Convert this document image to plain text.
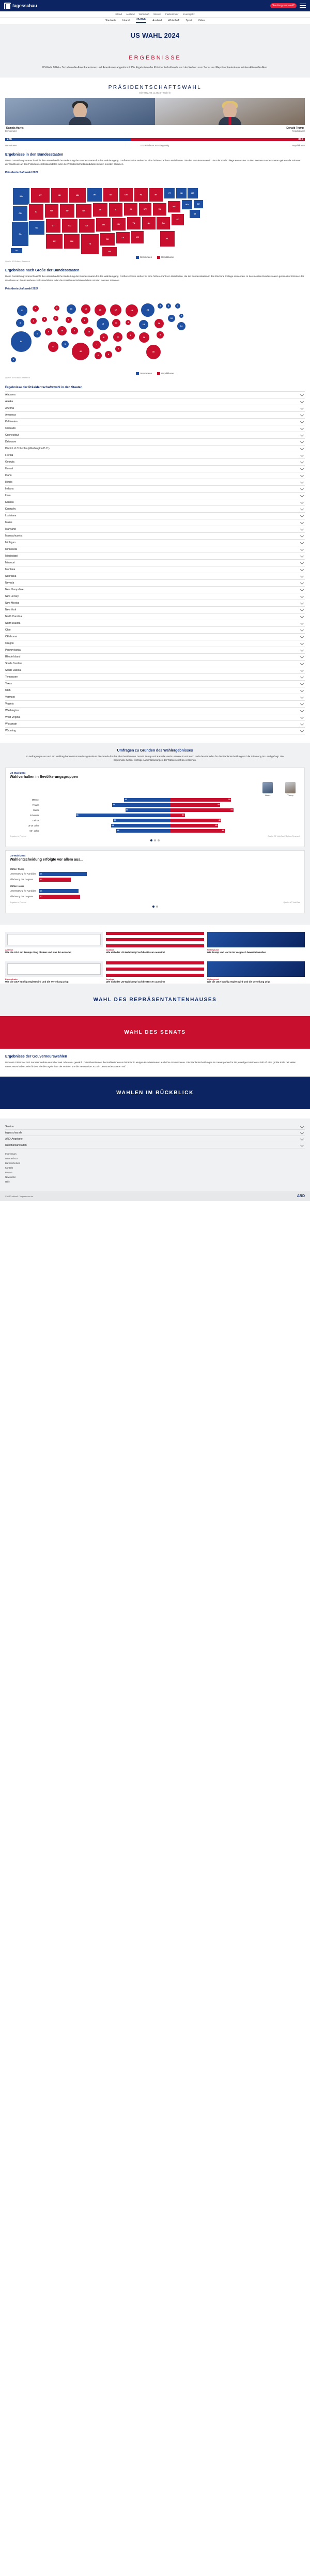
tagesschau	Sendung verpasst?
Inland Ausland Wirtschaft Wissen Faktenfinder Investigativ
Startseite Inland US-Wahl Ausland Wirtschaft Sport Video
US WAHL 2024
ERGEBNISSE
US-Wahl 2024 – So haben die Amerikanerinnen und Amerikaner abgestimmt: Die Ergebnisse der Präsidentschaftswahl und der Wahlen zum Senat und Repräsentantenhaus in interaktiven Grafiken.
PRÄSIDENTSCHAFTSWAHL
Dienstag, 05.11.2024 – Wahl in
Kamala Harris
Demokraten
Donald Trump
Republikaner
226	312
Demokraten	270 Wahlleute zum Sieg nötig	Republikaner
Ergebnisse in den Bundesstaaten

Diese Darstellung veranschaulicht die unterschiedliche Bedeutung der Bundesstaaten für den Wahlausgang. Größere Kreise stehen für eine höhere Zahl von Wahlleuten. Die den Bundesstaaten in das Electoral College entsenden. In den meisten Bundesstaaten gehen alle Stimmen der Wahlleute an den Präsidentschaftskandidaten oder die Präsidentschaftskandidatin mit den meisten Stimmen.

Präsidentschaftswahl 2024
WA
OR
CA
MT
ID
NV
WY
UT
AZ
ND
SD
CO
NM
MN
NE
KS
TX
WI
IA
MO
OK
AR
MI
IL
KY
LA
OH
IN
TN
MS
PA
WV
AL
NY
VA
GA
FL
VT
NC
SC
NH
MD
ME
DE
NJ
HI
Demokraten	Republikaner
Quelle: AP/Edison Research
Ergebnisse nach Größe der Bundesstaaten

Diese Darstellung veranschaulicht die unterschiedliche Bedeutung der Bundesstaaten für den Wahlausgang. Größere Kreise stehen für eine höhere Zahl von Wahlleuten, die die Bundesstaaten in das Electoral College entsenden. In den meisten Bundesstaaten gehen alle Stimmen der Wahlleute an den Präsidentschaftskandidaten oder die Präsidentschaftskandidatin mit den meisten Stimmen.

Präsidentschaftswahl 2024
12
8
54
4
4
6
3
6
11
3
3
10
5
10
5
6
40
10
6
10
7
6
15
19
8
8
17
11
11
6
19
4
9
28
13
16
30
3
16
9
4
10
4
3
14
4
Demokraten	Republikaner
Quelle: AP/Edison Research
Ergebnisse der Präsidentschaftswahl in den Staaten
Alabama
Alaska
Arizona
Arkansas
Kalifornien
Colorado
Connecticut
Delaware
District of Columbia (Washington D.C.)
Florida
Georgia
Hawaii
Idaho
Illinois
Indiana
Iowa
Kansas
Kentucky
Louisiana
Maine
Maryland
Massachusetts
Michigan
Minnesota
Mississippi
Missouri
Montana
Nebraska
Nevada
New Hampshire
New Jersey
New Mexico
New York
North Carolina
North Dakota
Ohio
Oklahoma
Oregon
Pennsylvania
Rhode Island
South Carolina
South Dakota
Tennessee
Texas
Utah
Vermont
Virginia
Washington
West Virginia
Wisconsin
Wyoming
Umfragen zu Gründen des Wahlergebnisses
In Befragungen vor und am Wahltag haben US-Forschungsinstitute die Gründe für das Abschneiden von Donald Trump und Kamala Harris untersucht und auch nach den Gründen für die Wahlentscheidung und die Stimmung im Land gefragt. Die Ergebnisse helfen, wichtige Aufschlüsselungen der Wählerschaft zu verstehen.
US-Wahl 2024
Wahlverhalten in Bevölkerungsgruppen
Harris	Trump
Männer	42	55
Frauen	53	45
Weiße	41	57
Schwarze	86	13
Latinos	52	46
18-29 Jahre	54	43
65+ Jahre	49	49
Angaben in Prozent	Quelle: AP VoteCast / Edison Research
US-Wahl 2024
Wahlentscheidung erfolgte vor allem aus...
Wähler Trump
Unterstützung für Kandidat	58
Ablehnung des Gegners	39
Wähler Harris
Unterstützung für Kandidat	48
Ablehnung des Gegners	50
Angaben in Prozent	Quelle: AP VoteCast
Analyse
Wie die USA auf Trumps Sieg blicken und was ihn erwartet
Analyse
Wie sich der US-Wahlkampf auf die Börsen auswirkt
Hintergrund
Wie Trump und Harris im Vergleich bewertet wurden
Faktenfinder
Wie die USA künftig regiert wird und die Verteilung zeigt
Analyse
Wie sich der US-Wahlkampf auf die Börsen auswirkt
Hintergrund
Wie die USA künftig regiert wird und die Verteilung zeigt
WAHL DES REPRÄSENTANTENHAUSES
WAHL DES SENATS
Ergebnisse der Gouverneurswahlen

Dazu ein Drittel der 100 Senatsmandate wird alle zwei Jahre neu gewählt. Dabei bestimmen die Wählerinnen und Wähler in einigen Bundesstaaten auch ihre Gouverneure. Die Wahlentscheidungen im Senat geben für die jeweilige Präsidentschaft oft eine große Rolle bei vielen Gesetzesvorhaben. Hier finden Sie die Ergebnisse der Wahlen um die Senatssitze 2024 in den Bundesstaaten auf.

WAHLEN IM RÜCKBLICK
Service
tagesschau.de
ARD-Angebote
Rundfunkanstalten
Impressum
Datenschutz
Barrierefreiheit
Kontakt
Presse
Newsletter
Hilfe
© ARD-aktuell / tagesschau.de	ARD
